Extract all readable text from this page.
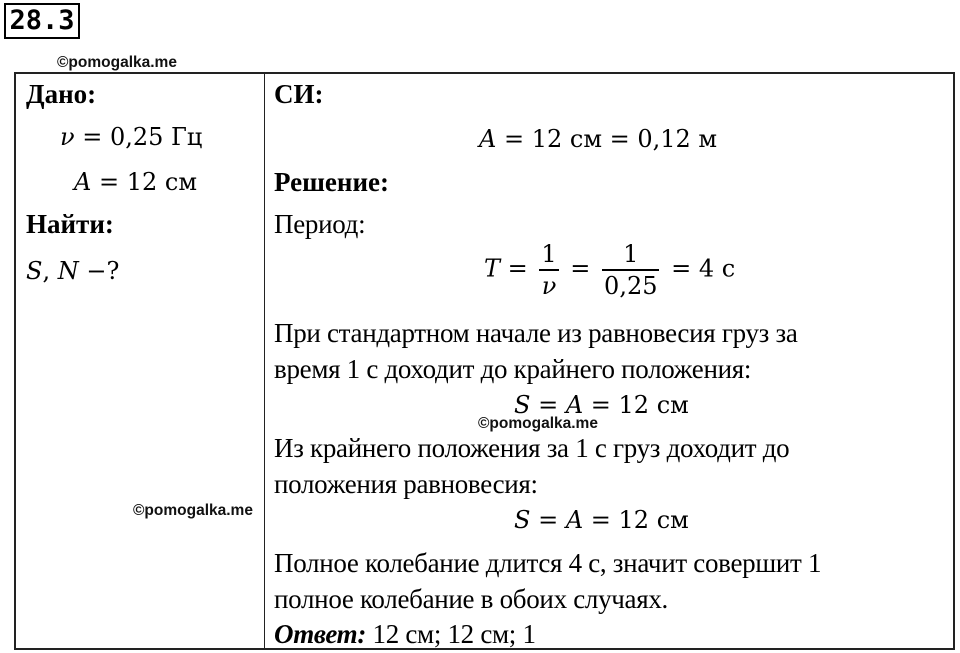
28.3
©pomogalka.me
Дано:
ν = 0,25 Гц
A = 12 см
Найти:
S, N −?
СИ:
A = 12 см = 0,12 м
Решение:
Период:
$T = \frac{1}{\nu} = \frac{1}{0,25} = 4$ с
При стандартном начале из равновесия груз за
время 1 с доходит до крайнего положения:
S = A = 12 см
Из крайнего положения за 1 с груз доходит до
положения равновесия:
S = A = 12 см
Полное колебание длится 4 с, значит совершит 1
полное колебание в обоих случаях.
Ответ: 12 см; 12 см; 1
©pomogalka.me
©pomogalka.me
